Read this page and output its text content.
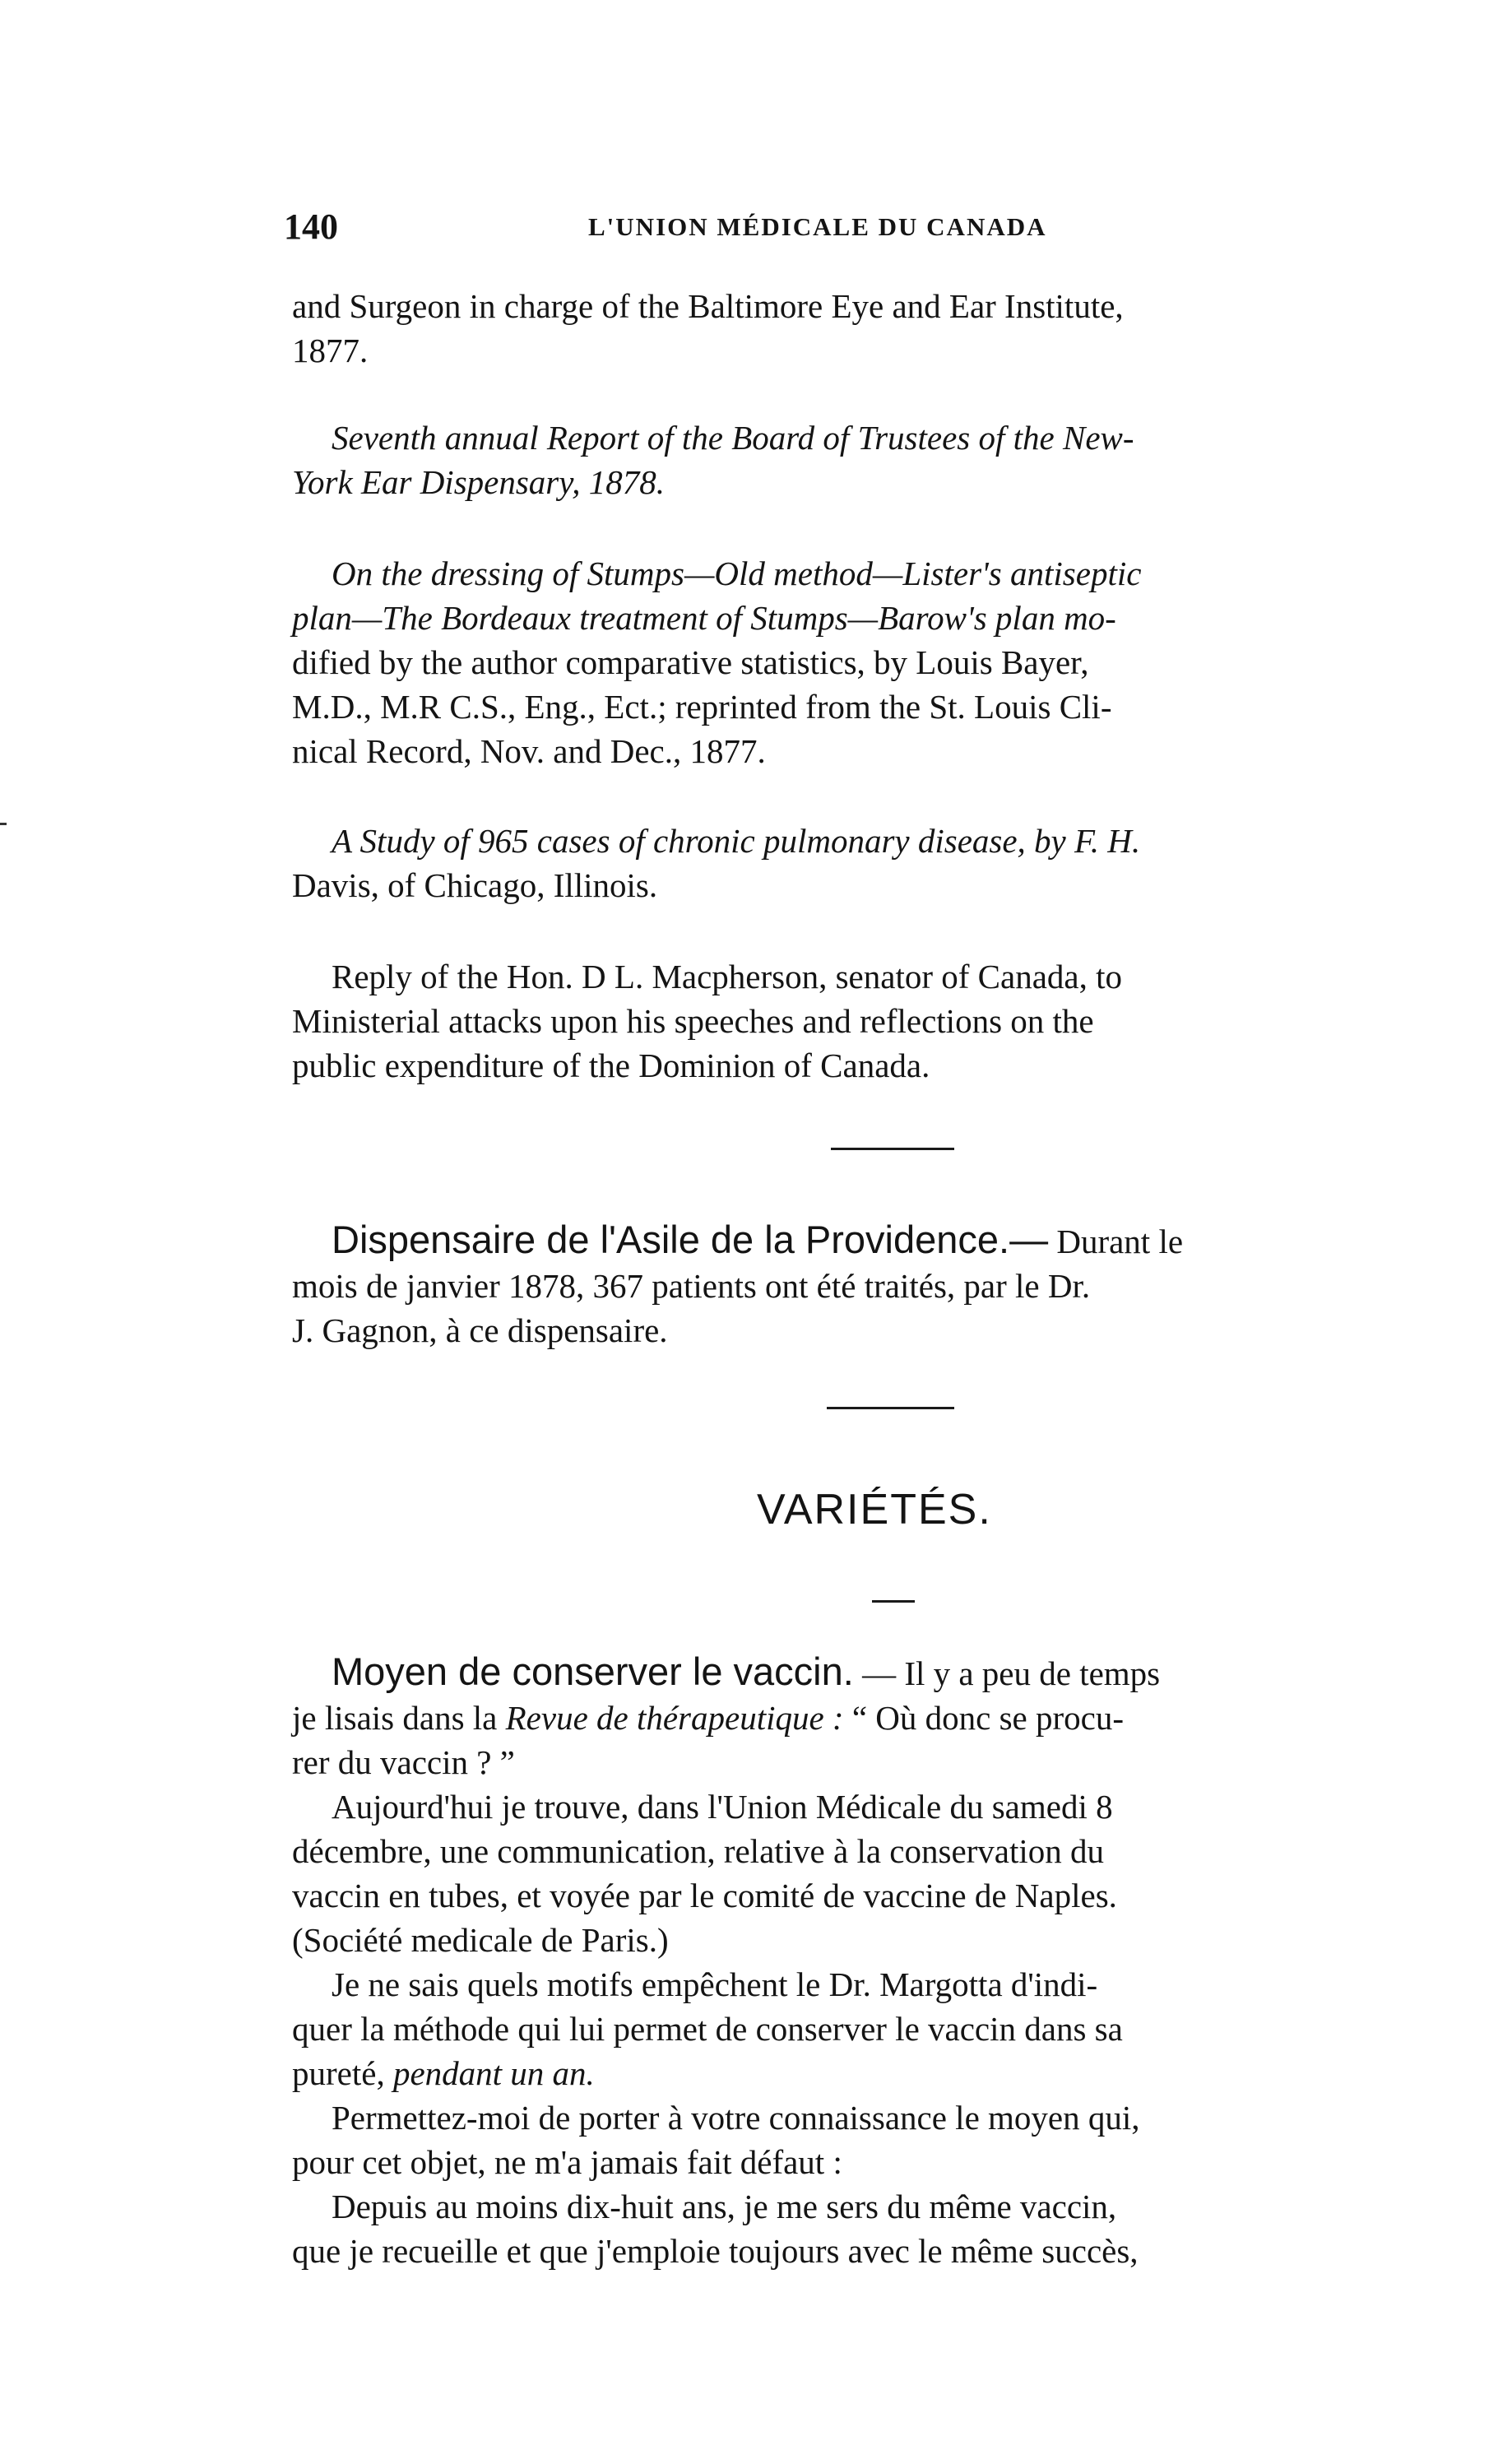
140	L'UNION MÉDICALE DU CANADA
and Surgeon in charge of the Baltimore Eye and Ear Institute,
1877.
Seventh annual Report of the Board of Trustees of the New-
York Ear Dispensary, 1878.
On the dressing of Stumps—Old method—Lister's antiseptic
plan—The Bordeaux treatment of Stumps—Barow's plan mo-
dified by the author comparative statistics, by Louis Bayer,
M.D., M.R C.S., Eng., Ect.; reprinted from the St. Louis Cli-
nical Record, Nov. and Dec., 1877.
A Study of 965 cases of chronic pulmonary disease, by F. H.
Davis, of Chicago, Illinois.
Reply of the Hon. D L. Macpherson, senator of Canada, to
Ministerial attacks upon his speeches and reflections on the
public expenditure of the Dominion of Canada.
Dispensaire de l'Asile de la Providence.— Durant le
mois de janvier 1878, 367 patients ont été traités, par le Dr.
J. Gagnon, à ce dispensaire.
VARIÉTÉS.
Moyen de conserver le vaccin. — Il y a peu de temps
je lisais dans la Revue de thérapeutique : “ Où donc se procu-
rer du vaccin ? ”
Aujourd'hui je trouve, dans l'Union Médicale du samedi 8
décembre, une communication, relative à la conservation du
vaccin en tubes, et voyée par le comité de vaccine de Naples.
(Société medicale de Paris.)
Je ne sais quels motifs empêchent le Dr. Margotta d'indi-
quer la méthode qui lui permet de conserver le vaccin dans sa
pureté, pendant un an.
Permettez-moi de porter à votre connaissance le moyen qui,
pour cet objet, ne m'a jamais fait défaut :
Depuis au moins dix-huit ans, je me sers du même vaccin,
que je recueille et que j'emploie toujours avec le même succès,
